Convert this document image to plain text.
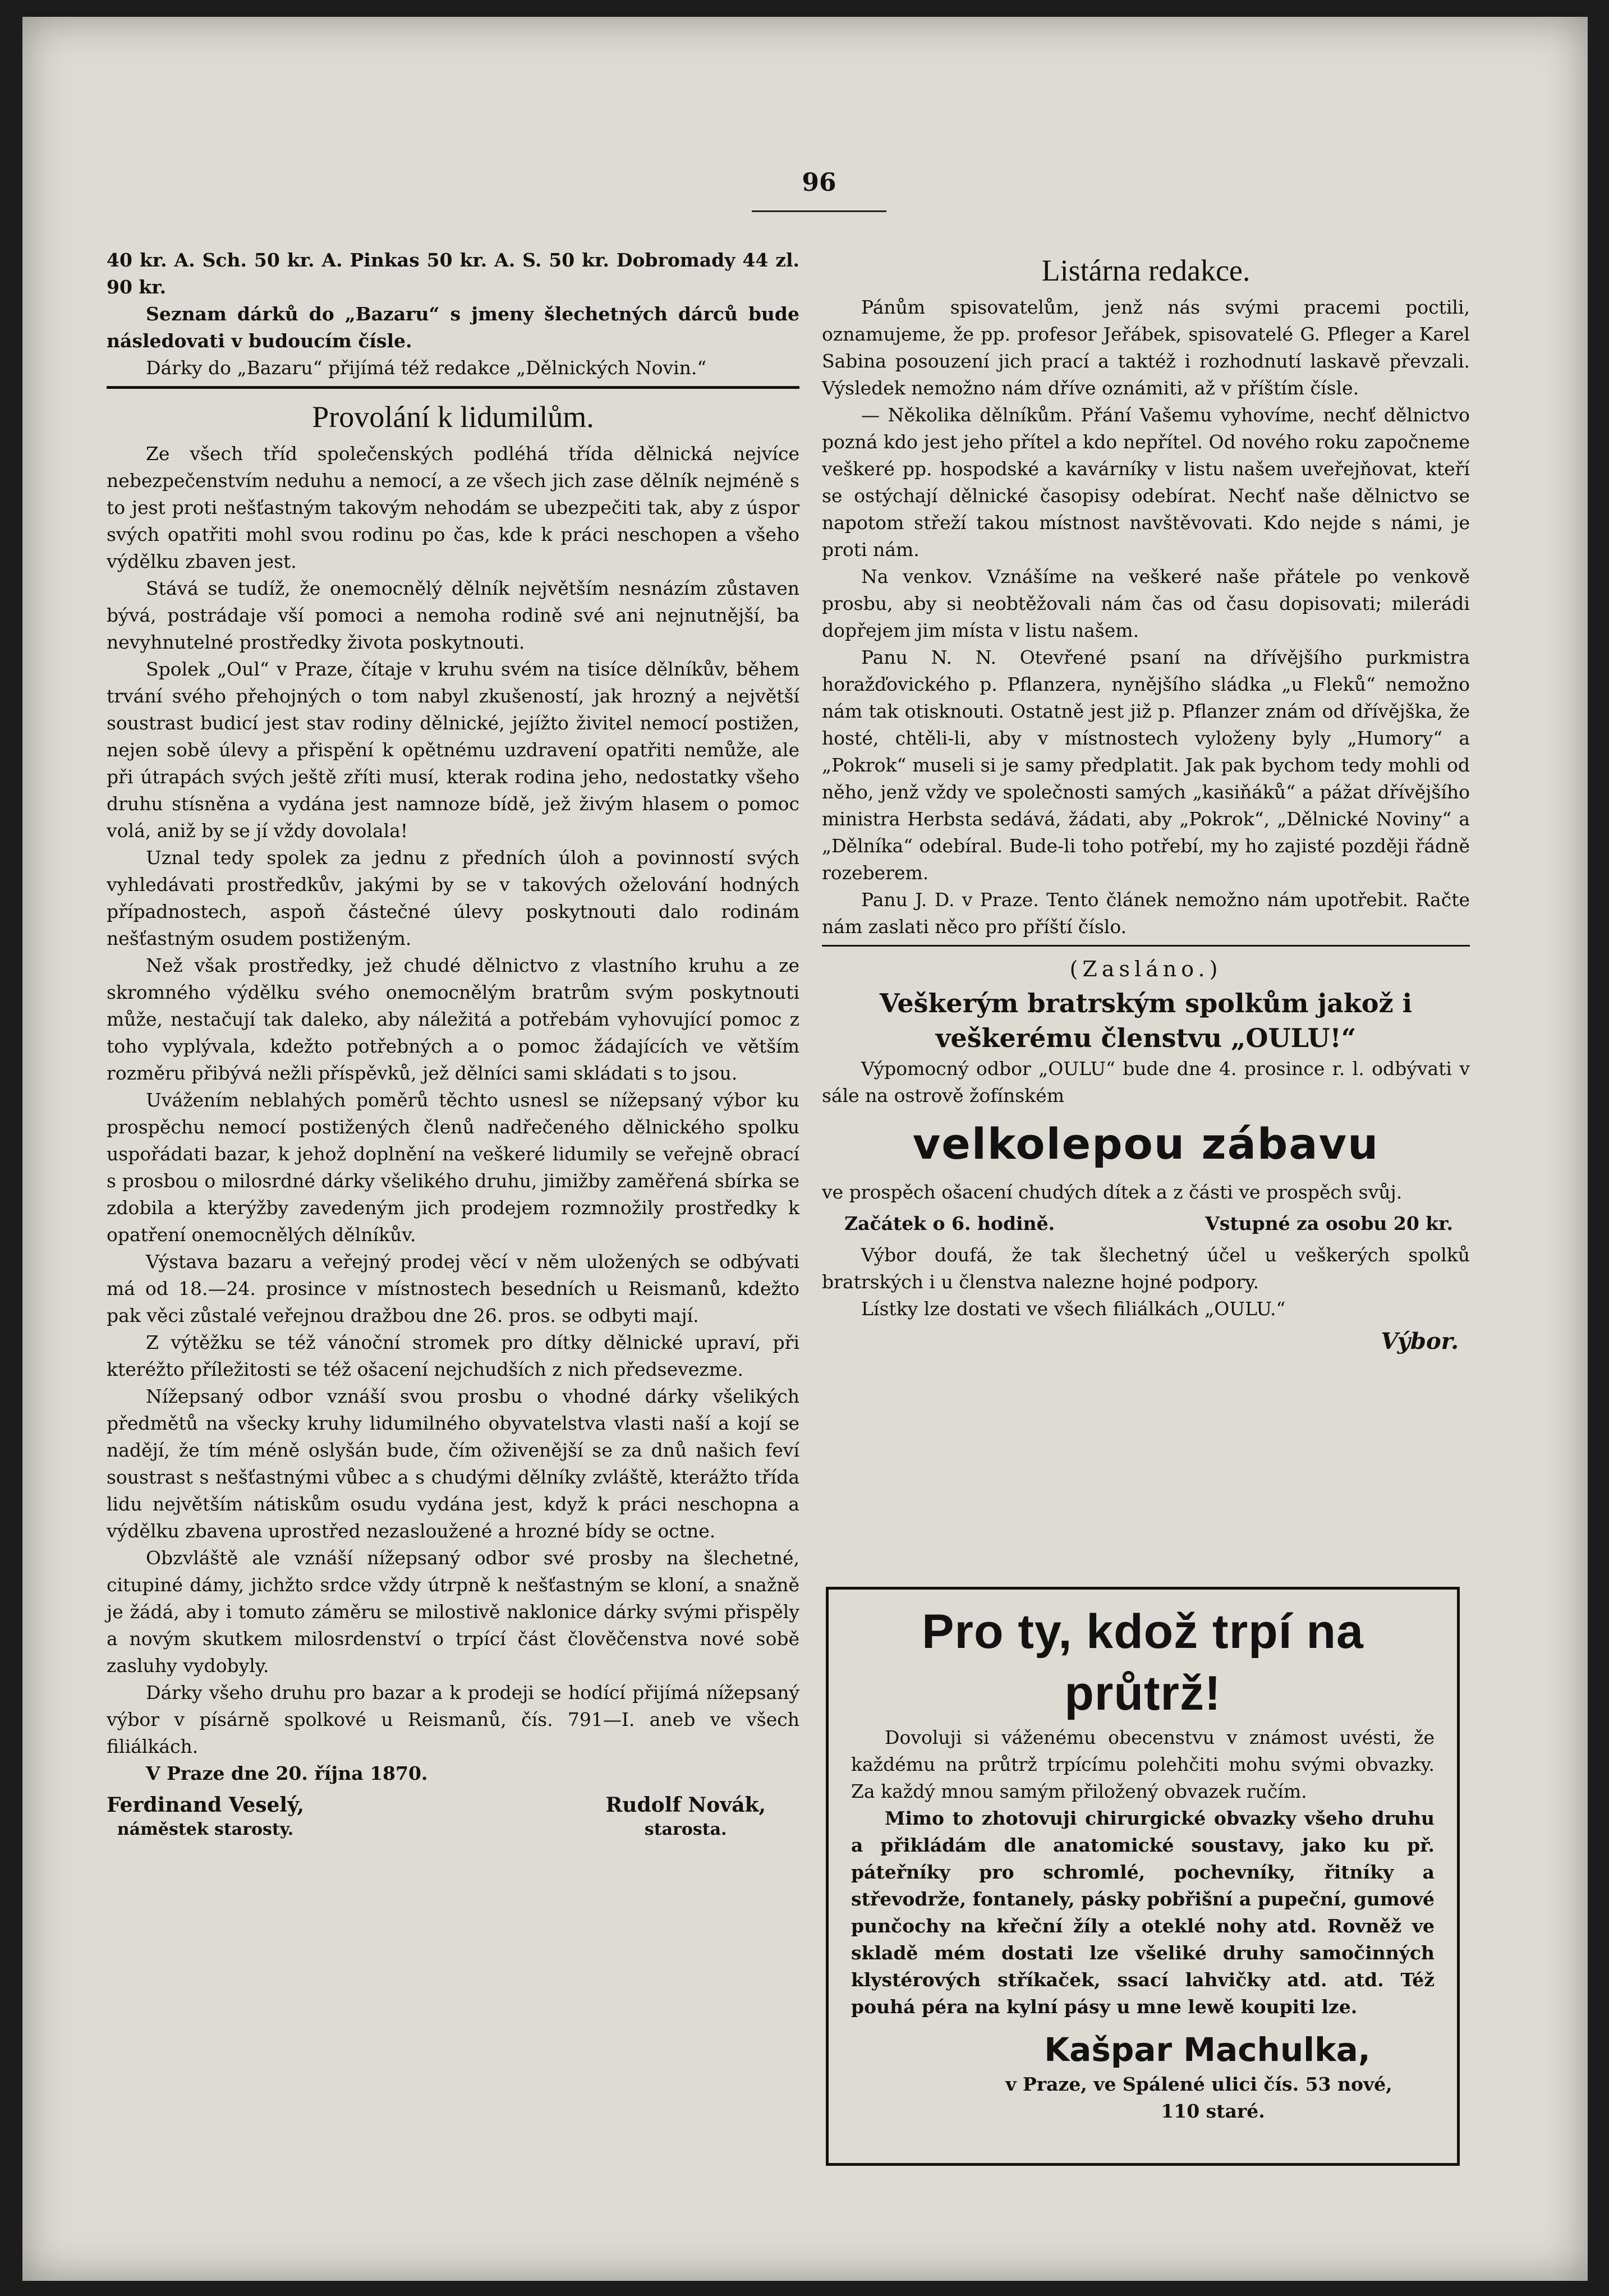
96

40 kr. A. Sch. 50 kr. A. Pinkas 50 kr. A. S. 50 kr. Dobromady 44 zl. 90 kr.

Seznam dárků do „Bazaru“ s jmeny šlechetných dárců bude následovati v budoucím čísle.

Dárky do „Bazaru“ přijímá též redakce „Dělnických Novin.“

Provolání k lidumilům.

Ze všech tříd společenských podléhá třída dělnická nejvíce nebezpečenstvím neduhu a nemocí, a ze všech jich zase dělník nejméně s to jest proti nešťastným takovým nehodám se ubezpečiti tak, aby z úspor svých opatřiti mohl svou rodinu po čas, kde k práci neschopen a všeho výdělku zbaven jest.

Stává se tudíž, že onemocnělý dělník největším nesnázím zůstaven bývá, postrádaje vší pomoci a nemoha rodině své ani nejnutnější, ba nevyhnutelné prostředky života poskytnouti.

Spolek „Oul“ v Praze, čítaje v kruhu svém na tisíce dělníkův, během trvání svého přehojných o tom nabyl zkušeností, jak hrozný a největší soustrast budicí jest stav rodiny dělnické, jejížto živitel nemocí postižen, nejen sobě úlevy a přispění k opětnému uzdravení opatřiti nemůže, ale při útrapách svých ještě zříti musí, kterak rodina jeho, nedostatky všeho druhu stísněna a vydána jest namnoze bídě, jež živým hlasem o pomoc volá, aniž by se jí vždy dovolala!

Uznal tedy spolek za jednu z předních úloh a povinností svých vyhledávati prostředkův, jakými by se v takových oželování hodných případnostech, aspoň částečné úlevy poskytnouti dalo rodinám nešťastným osudem postiženým.

Než však prostředky, jež chudé dělnictvo z vlastního kruhu a ze skromného výdělku svého onemocnělým bratrům svým poskytnouti může, nestačují tak daleko, aby náležitá a potřebám vyhovující pomoc z toho vyplývala, kdežto potřebných a o pomoc žádajících ve větším rozměru přibývá nežli příspěvků, jež dělníci sami skládati s to jsou.

Uvážením neblahých poměrů těchto usnesl se nížepsaný výbor ku prospěchu nemocí postižených členů nadřečeného dělnického spolku uspořádati bazar, k jehož doplnění na veškeré lidumily se veřejně obrací s prosbou o milosrdné dárky všelikého druhu, jimižby zaměřená sbírka se zdobila a kterýžby zavedeným jich prodejem rozmnožily prostředky k opatření onemocnělých dělníkův.

Výstava bazaru a veřejný prodej věcí v něm uložených se odbývati má od 18.—24. prosince v místnostech besedních u Reismanů, kdežto pak věci zůstalé veřejnou dražbou dne 26. pros. se odbyti mají.

Z výtěžku se též vánoční stromek pro dítky dělnické upraví, při kteréžto příležitosti se též ošacení nejchudších z nich předsevezme.

Nížepsaný odbor vznáší svou prosbu o vhodné dárky všelikých předmětů na všecky kruhy lidumilného obyvatelstva vlasti naší a kojí se nadějí, že tím méně oslyšán bude, čím oživenější se za dnů našich feví soustrast s nešťastnými vůbec a s chudými dělníky zvláště, kterážto třída lidu největším nátiskům osudu vydána jest, když k práci neschopna a výdělku zbavena uprostřed nezasloužené a hrozné bídy se octne.

Obzvláště ale vznáší nížepsaný odbor své prosby na šlechetné, citupiné dámy, jichžto srdce vždy útrpně k nešťastným se kloní, a snažně je žádá, aby i tomuto záměru se milostivě naklonice dárky svými přispěly a novým skutkem milosrdenství o trpící část člověčenstva nové sobě zasluhy vydobyly.

Dárky všeho druhu pro bazar a k prodeji se hodící přijímá nížepsaný výbor v písárně spolkové u Reismanů, čís. 791—I. aneb ve všech filiálkách.

V Praze dne 20. října 1870.

Ferdinand Veselý,
náměstek starosty.
Rudolf Novák,
starosta.
Listárna redakce.

Pánům spisovatelům, jenž nás svými pracemi poctili, oznamujeme, že pp. profesor Jeřábek, spisovatelé G. Pfleger a Karel Sabina posouzení jich prací a taktéž i rozhodnutí laskavě převzali. Výsledek nemožno nám dříve oznámiti, až v příštím čísle.

— Několika dělníkům. Přání Vašemu vyhovíme, nechť dělnictvo pozná kdo jest jeho přítel a kdo nepřítel. Od nového roku započneme veškeré pp. hospodské a kavárníky v listu našem uveřejňovat, kteří se ostýchají dělnické časopisy odebírat. Nechť naše dělnictvo se napotom střeží takou místnost navštěvovati. Kdo nejde s námi, je proti nám.

Na venkov. Vznášíme na veškeré naše přátele po venkově prosbu, aby si neobtěžovali nám čas od času dopisovati; milerádi dopřejem jim místa v listu našem.

Panu N. N. Otevřené psaní na dřívějšího purkmistra horažďovického p. Pflanzera, nynějšího sládka „u Fleků“ nemožno nám tak otisknouti. Ostatně jest již p. Pflanzer znám od dřívějška, že hosté, chtěli-li, aby v místnostech vyloženy byly „Humory“ a „Pokrok“ museli si je samy předplatit. Jak pak bychom tedy mohli od něho, jenž vždy ve společnosti samých „kasiňáků“ a pážat dřívějšího ministra Herbsta sedává, žádati, aby „Pokrok“, „Dělnické Noviny“ a „Dělníka“ odebíral. Bude-li toho potřebí, my ho zajisté později řádně rozeberem.

Panu J. D. v Praze. Tento článek nemožno nám upotřebit. Račte nám zaslati něco pro příští číslo.

(Zasláno.)
Veškerým bratrským spolkům jakož i veškerému členstvu „OULU!“

Výpomocný odbor „OULU“ bude dne 4. prosince r. l. odbývati v sále na ostrově žofínském

velkolepou zábavu

ve prospěch ošacení chudých dítek a z části ve prospěch svůj.

Začátek o 6. hodině.	Vstupné za osobu 20 kr.

Výbor doufá, že tak šlechetný účel u veškerých spolků bratrských i u členstva nalezne hojné podpory.

Lístky lze dostati ve všech filiálkách „OULU.“

Výbor.
Pro ty, kdož trpí na průtrž!

Dovoluji si váženému obecenstvu v známost uvésti, že každému na průtrž trpícímu polehčiti mohu svými obvazky. Za každý mnou samým přiložený obvazek ručím.

Mimo to zhotovuji chirurgické obvazky všeho druhu a přikládám dle anatomické soustavy, jako ku př. páteřníky pro schromlé, pochevníky, řitníky a střevodrže, fontanely, pásky pobřišní a pupeční, gumové punčochy na křeční žíly a oteklé nohy atd. Rovněž ve skladě mém dostati lze všeliké druhy samočinných klystérových stříkaček, ssací lahvičky atd. atd. Též pouhá péra na kylní pásy u mne lewě koupiti lze.

Kašpar Machulka,
v Praze, ve Spálené ulici čís. 53 nové,
110 staré.
